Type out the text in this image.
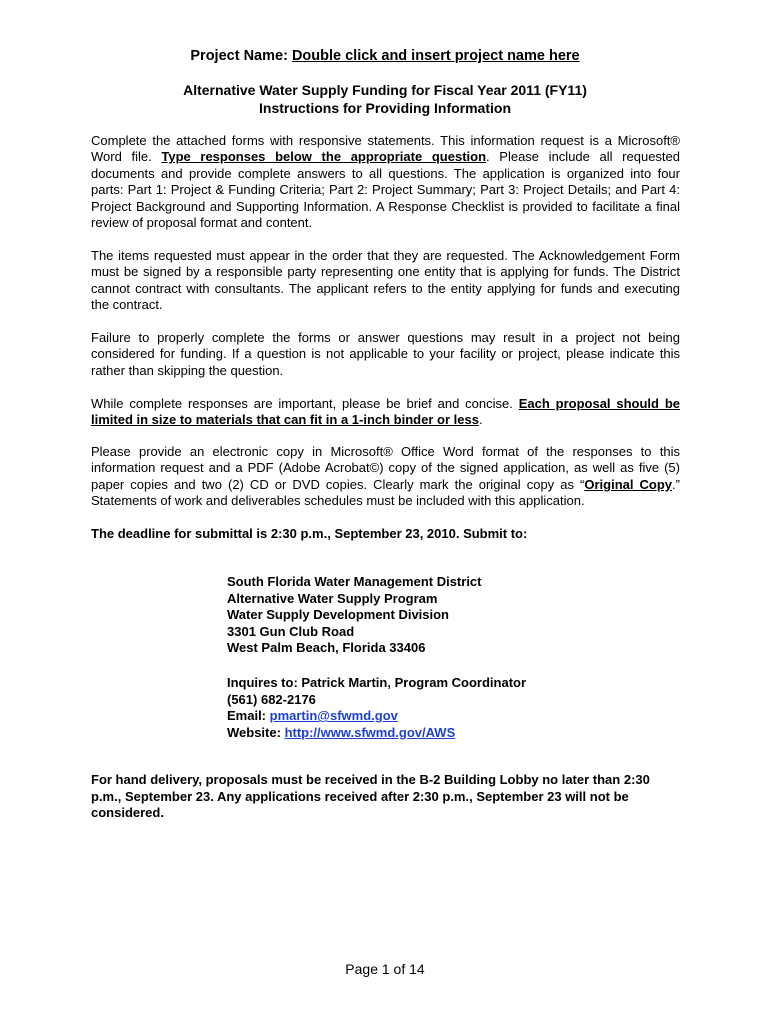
Project Name: Double click and insert project name here
Alternative Water Supply Funding for Fiscal Year 2011 (FY11)
Instructions for Providing Information

Complete the attached forms with responsive statements. This information request is a Microsoft® Word file. Type responses below the appropriate question. Please include all requested documents and provide complete answers to all questions. The application is organized into four parts: Part 1: Project & Funding Criteria; Part 2: Project Summary; Part 3: Project Details; and Part 4: Project Background and Supporting Information. A Response Checklist is provided to facilitate a final review of proposal format and content.

The items requested must appear in the order that they are requested. The Acknowledgement Form must be signed by a responsible party representing one entity that is applying for funds. The District cannot contract with consultants. The applicant refers to the entity applying for funds and executing the contract.

Failure to properly complete the forms or answer questions may result in a project not being considered for funding. If a question is not applicable to your facility or project, please indicate this rather than skipping the question.

While complete responses are important, please be brief and concise. Each proposal should be limited in size to materials that can fit in a 1-inch binder or less.

Please provide an electronic copy in Microsoft® Office Word format of the responses to this information request and a PDF (Adobe Acrobat©) copy of the signed application, as well as five (5) paper copies and two (2) CD or DVD copies. Clearly mark the original copy as “Original Copy.” Statements of work and deliverables schedules must be included with this application.

The deadline for submittal is 2:30 p.m., September 23, 2010. Submit to:

South Florida Water Management District
Alternative Water Supply Program
Water Supply Development Division
3301 Gun Club Road
West Palm Beach, Florida 33406
Inquires to: Patrick Martin, Program Coordinator
(561) 682-2176
Email: pmartin@sfwmd.gov
Website: http://www.sfwmd.gov/AWS

For hand delivery, proposals must be received in the B-2 Building Lobby no later than 2:30 p.m., September 23. Any applications received after 2:30 p.m., September 23 will not be considered.

Page 1 of 14
